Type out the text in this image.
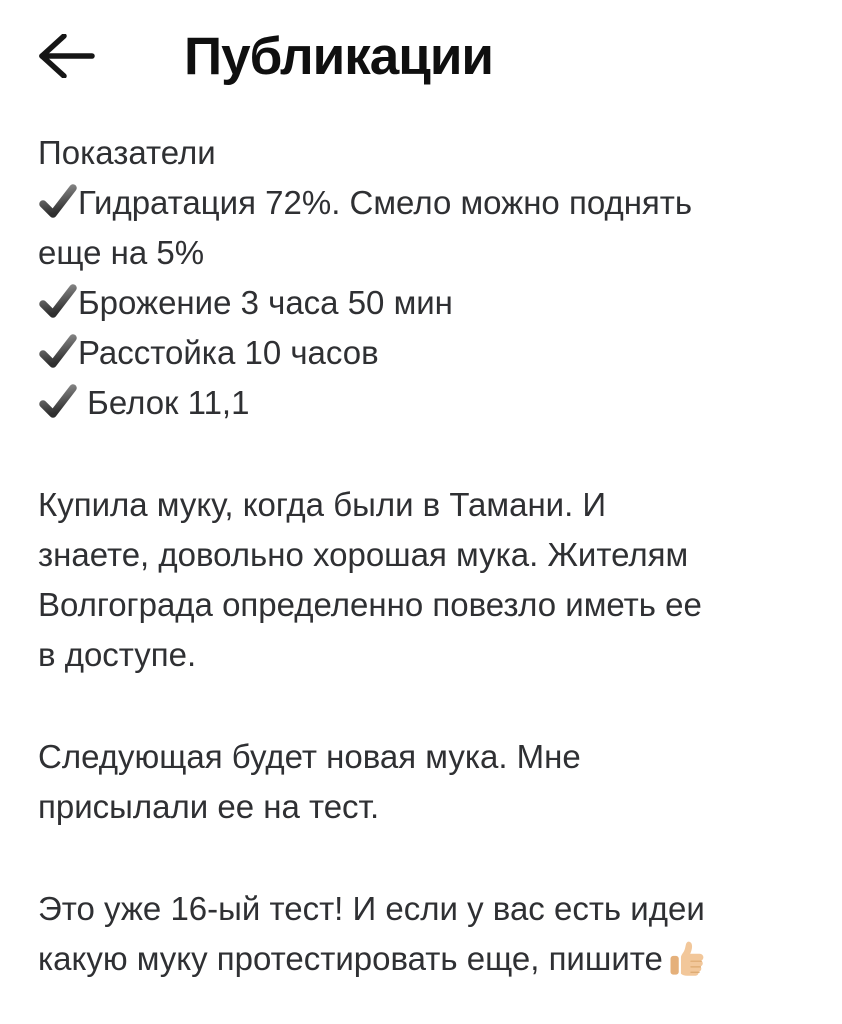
Публикации
Показатели
Гидратация 72%. Смело можно поднять
еще на 5%
Брожение 3 часа 50 мин
Расстойка 10 часов
Белок 11,1
Купила муку, когда были в Тамани. И
знаете, довольно хорошая мука. Жителям
Волгограда определенно повезло иметь ее
в доступе.
Следующая будет новая мука. Мне
присылали ее на тест.
Это уже 16-ый тест! И если у вас есть идеи
какую муку протестировать еще, пишите
